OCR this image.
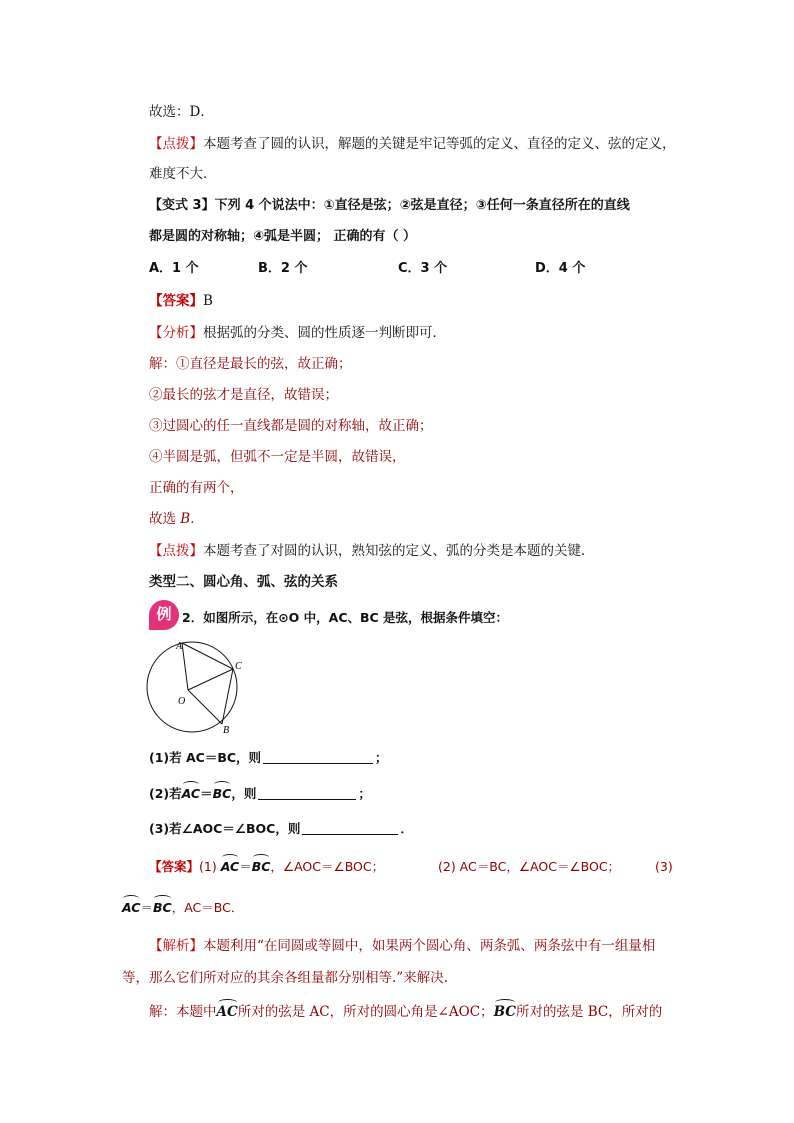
故选：D．
【点拨】本题考查了圆的认识，解题的关键是牢记等弧的定义、直径的定义、弦的定义，
难度不大．
【变式 3】下列 4 个说法中：①直径是弦；②弦是直径；③任何一条直径所在的直线
都是圆的对称轴；④弧是半圆； 正确的有（ ）
A．1 个	B．2 个	C．3 个	D．4 个
【答案】B
【分析】根据弧的分类、圆的性质逐一判断即可．
解：①直径是最长的弦，故正确；
②最长的弦才是直径，故错误；
③过圆心的任一直线都是圆的对称轴，故正确；
④半圆是弧，但弧不一定是半圆，故错误，
正确的有两个，
故选 B．
【点拨】本题考查了对圆的认识，熟知弦的定义、弧的分类是本题的关键．
类型二、圆心角、弧、弦的关系
例 2．如图所示，在⊙O 中，AC、BC 是弦，根据条件填空：
A
C
O
B
(1)若 AC＝BC，则	；
(2)若AC＝BC，则	；
(3)若∠AOC＝∠BOC，则	．
【答案】(1) AC＝BC，∠AOC＝∠BOC；	(2) AC＝BC，∠AOC＝∠BOC；	(3)
AC＝BC，AC＝BC．
【解析】本题利用“在同圆或等圆中，如果两个圆心角、两条弧、两条弦中有一组量相
等，那么它们所对应的其余各组量都分别相等.”来解决.
解：本题中AC所对的弦是 AC，所对的圆心角是∠AOC；BC所对的弦是 BC，所对的
